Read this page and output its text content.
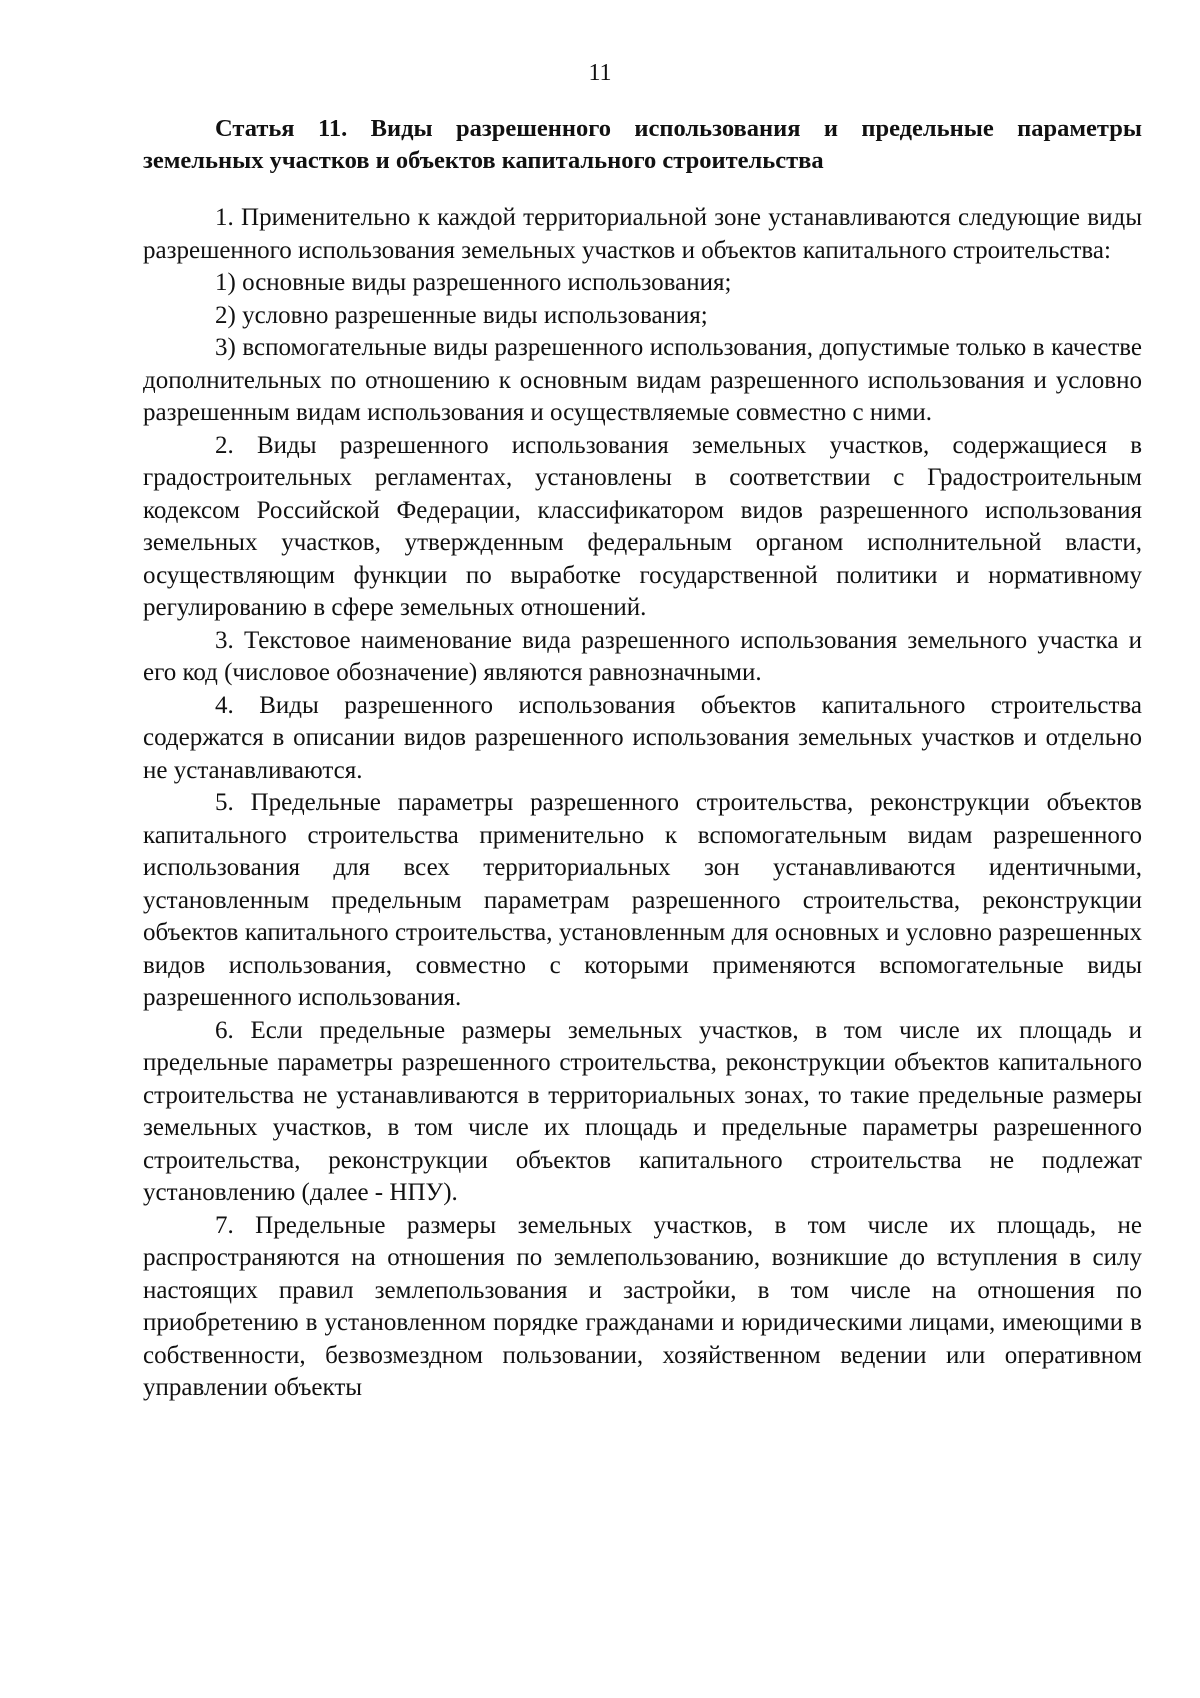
11

Статья 11. Виды разрешенного использования и предельные параметры земельных участков и объектов капитального строительства

1. Применительно к каждой территориальной зоне устанавливаются следующие виды разрешенного использования земельных участков и объектов капитального строительства:

1) основные виды разрешенного использования;

2) условно разрешенные виды использования;

3) вспомогательные виды разрешенного использования, допустимые только в качестве дополнительных по отношению к основным видам разрешенного использования и условно разрешенным видам использования и осуществляемые совместно с ними.

2. Виды разрешенного использования земельных участков, содержащиеся в градостроительных регламентах, установлены в соответствии с Градостроительным кодексом Российской Федерации, классификатором видов разрешенного использования земельных участков, утвержденным федеральным органом исполнительной власти, осуществляющим функции по выработке государственной политики и нормативному регулированию в сфере земельных отношений.

3. Текстовое наименование вида разрешенного использования земельного участка и его код (числовое обозначение) являются равнозначными.

4. Виды разрешенного использования объектов капитального строительства содержатся в описании видов разрешенного использования земельных участков и отдельно не устанавливаются.

5. Предельные параметры разрешенного строительства, реконструкции объектов капитального строительства применительно к вспомогательным видам разрешенного использования для всех территориальных зон устанавливаются идентичными, установленным предельным параметрам разрешенного строительства, реконструкции объектов капитального строительства, установленным для основных и условно разрешенных видов использования, совместно с которыми применяются вспомогательные виды разрешенного использования.

6. Если предельные размеры земельных участков, в том числе их площадь и предельные параметры разрешенного строительства, реконструкции объектов капитального строительства не устанавливаются в территориальных зонах, то такие предельные размеры земельных участков, в том числе их площадь и предельные параметры разрешенного строительства, реконструкции объектов капитального строительства не подлежат установлению (далее - НПУ).

7. Предельные размеры земельных участков, в том числе их площадь, не распространяются на отношения по землепользованию, возникшие до вступления в силу настоящих правил землепользования и застройки, в том числе на отношения по приобретению в установленном порядке гражданами и юридическими лицами, имеющими в собственности, безвозмездном пользовании, хозяйственном ведении или оперативном управлении объекты
